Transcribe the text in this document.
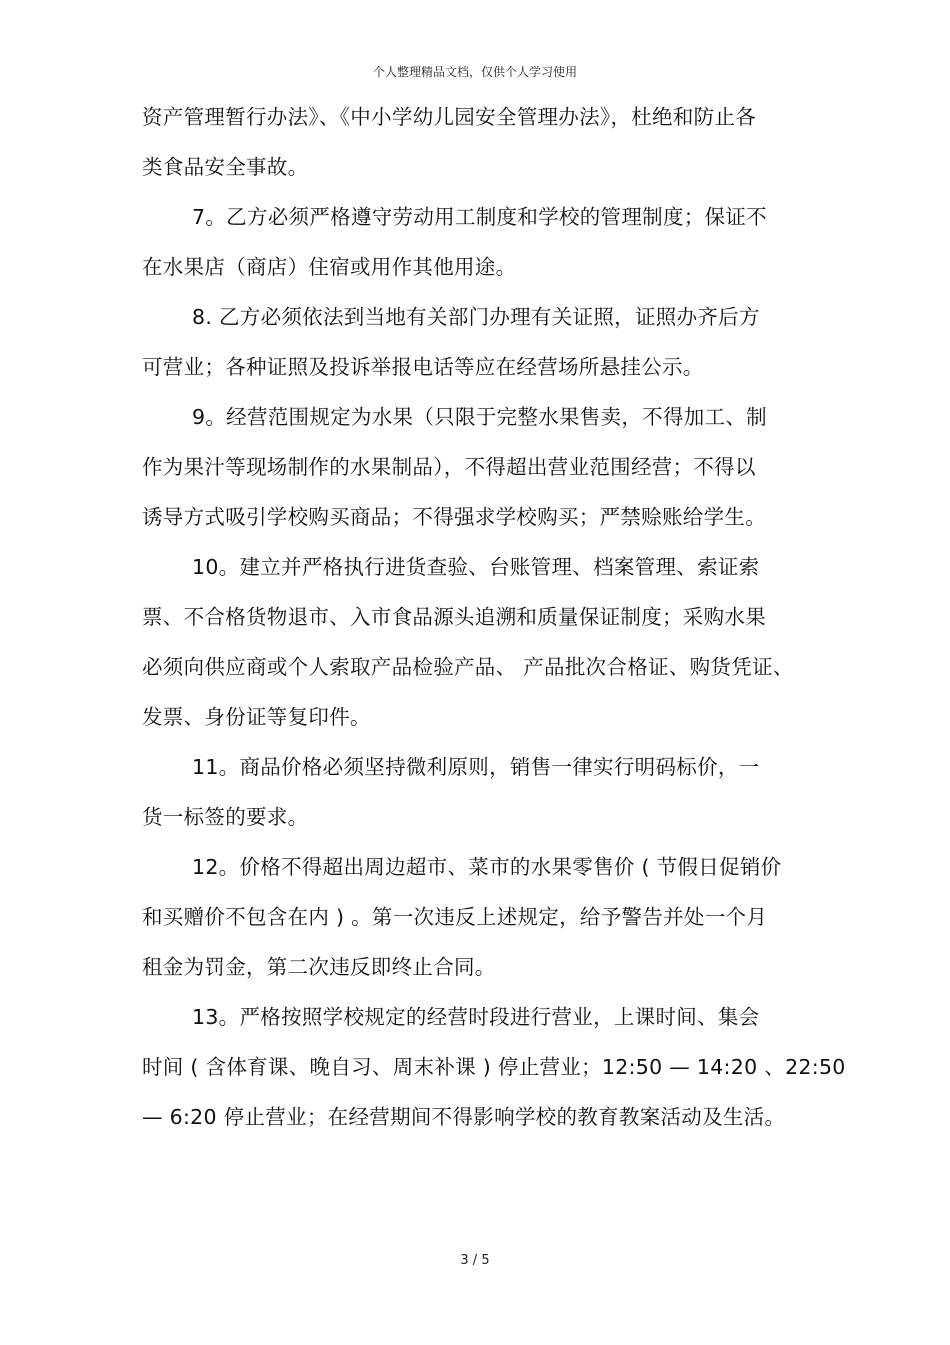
个人整理精品文档，仅供个人学习使用
资产管理暂行办法》、《中小学幼儿园安全管理办法》，杜绝和防止各
类食品安全事故。
7。乙方必须严格遵守劳动用工制度和学校的管理制度；保证不
在水果店（商店）住宿或用作其他用途。
8. 乙方必须依法到当地有关部门办理有关证照，证照办齐后方
可营业；各种证照及投诉举报电话等应在经营场所悬挂公示。
9。经营范围规定为水果（只限于完整水果售卖，不得加工、制
作为果汁等现场制作的水果制品），不得超出营业范围经营；不得以
诱导方式吸引学校购买商品；不得强求学校购买；严禁赊账给学生。
10。建立并严格执行进货查验、台账管理、档案管理、索证索
票、不合格货物退市、入市食品源头追溯和质量保证制度；采购水果
必须向供应商或个人索取产品检验产品、 产品批次合格证、购货凭证、
发票、身份证等复印件。
11。商品价格必须坚持微利原则，销售一律实行明码标价，一
货一标签的要求。
12。价格不得超出周边超市、菜市的水果零售价 ( 节假日促销价
和买赠价不包含在内 ) 。第一次违反上述规定，给予警告并处一个月
租金为罚金，第二次违反即终止合同。
13。严格按照学校规定的经营时段进行营业，上课时间、集会
时间 ( 含体育课、晚自习、周末补课 ) 停止营业；12:50 — 14:20 、22:50
— 6:20 停止营业；在经营期间不得影响学校的教育教案活动及生活。
3 / 5
